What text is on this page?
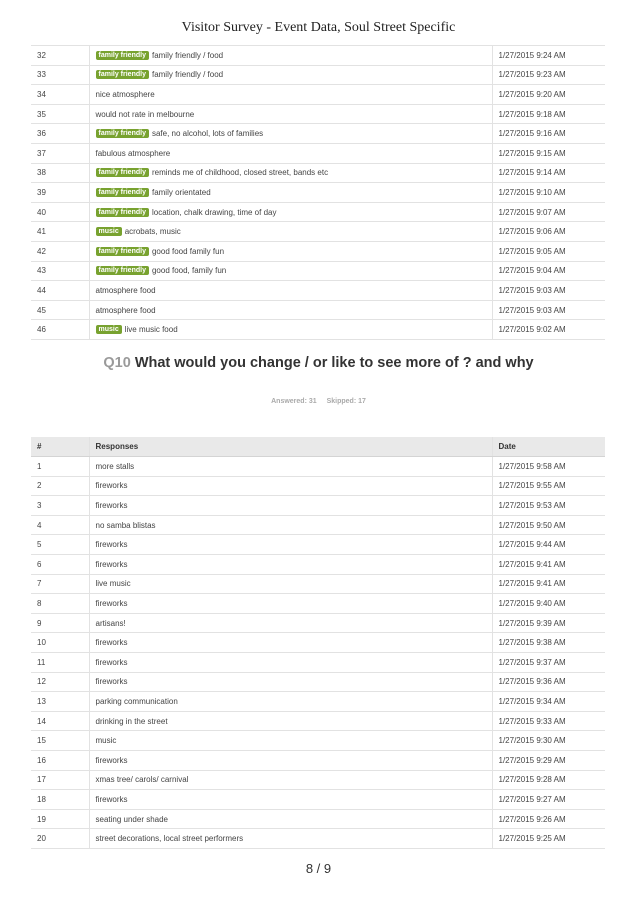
Visitor Survey - Event Data, Soul Street Specific
32	family friendly family friendly / food	1/27/2015 9:24 AM
33	family friendly family friendly / food	1/27/2015 9:23 AM
34	nice atmosphere	1/27/2015 9:20 AM
35	would not rate in melbourne	1/27/2015 9:18 AM
36	family friendly safe, no alcohol, lots of families	1/27/2015 9:16 AM
37	fabulous atmosphere	1/27/2015 9:15 AM
38	family friendly reminds me of childhood, closed street, bands etc	1/27/2015 9:14 AM
39	family friendly family orientated	1/27/2015 9:10 AM
40	family friendly location, chalk drawing, time of day	1/27/2015 9:07 AM
41	music acrobats, music	1/27/2015 9:06 AM
42	family friendly good food family fun	1/27/2015 9:05 AM
43	family friendly good food, family fun	1/27/2015 9:04 AM
44	atmosphere food	1/27/2015 9:03 AM
45	atmosphere food	1/27/2015 9:03 AM
46	music live music food	1/27/2015 9:02 AM
Q10 What would you change / or like to see more of ? and why
Answered: 31 Skipped: 17
#	Responses	Date
1	more stalls	1/27/2015 9:58 AM
2	fireworks	1/27/2015 9:55 AM
3	fireworks	1/27/2015 9:53 AM
4	no samba blistas	1/27/2015 9:50 AM
5	fireworks	1/27/2015 9:44 AM
6	fireworks	1/27/2015 9:41 AM
7	live music	1/27/2015 9:41 AM
8	fireworks	1/27/2015 9:40 AM
9	artisans!	1/27/2015 9:39 AM
10	fireworks	1/27/2015 9:38 AM
11	fireworks	1/27/2015 9:37 AM
12	fireworks	1/27/2015 9:36 AM
13	parking communication	1/27/2015 9:34 AM
14	drinking in the street	1/27/2015 9:33 AM
15	music	1/27/2015 9:30 AM
16	fireworks	1/27/2015 9:29 AM
17	xmas tree/ carols/ carnival	1/27/2015 9:28 AM
18	fireworks	1/27/2015 9:27 AM
19	seating under shade	1/27/2015 9:26 AM
20	street decorations, local street performers	1/27/2015 9:25 AM
8 / 9
